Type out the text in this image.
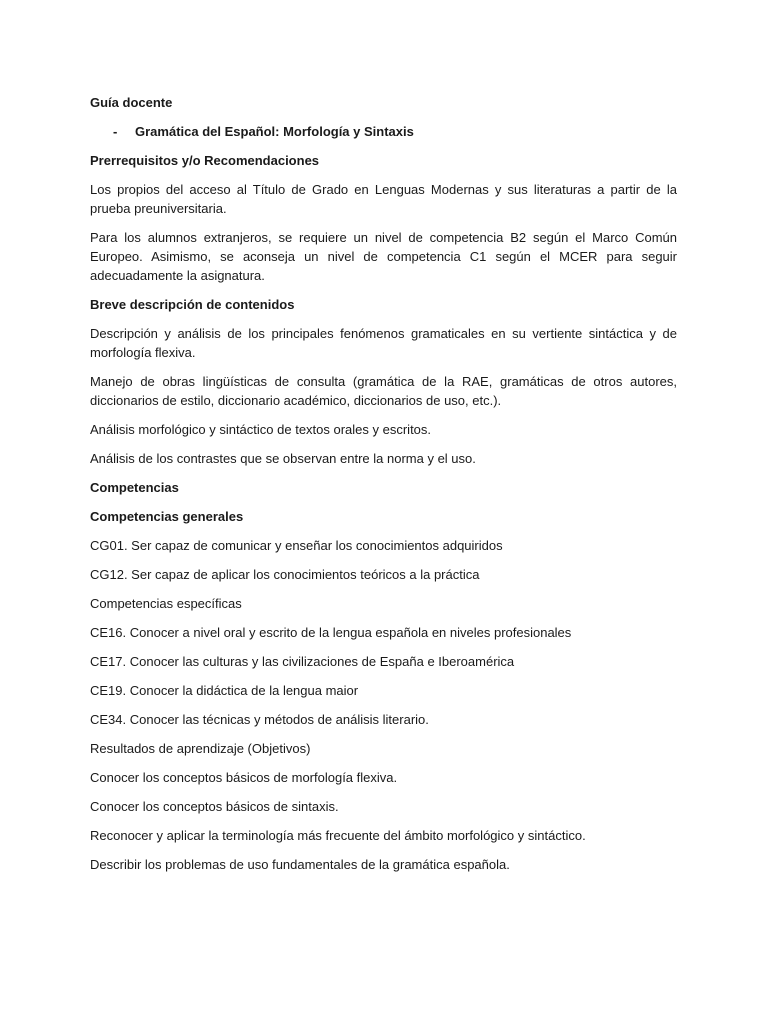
Guía docente

-	Gramática del Español: Morfología y Sintaxis

Prerrequisitos y/o Recomendaciones

Los propios del acceso al Título de Grado en Lenguas Modernas y sus literaturas a partir de la prueba preuniversitaria.

Para los alumnos extranjeros, se requiere un nivel de competencia B2 según el Marco Común Europeo. Asimismo, se aconseja un nivel de competencia C1 según el MCER para seguir adecuadamente la asignatura.

Breve descripción de contenidos

Descripción y análisis de los principales fenómenos gramaticales en su vertiente sintáctica y de morfología flexiva.

Manejo de obras lingüísticas de consulta (gramática de la RAE, gramáticas de otros autores, diccionarios de estilo, diccionario académico, diccionarios de uso, etc.).

Análisis morfológico y sintáctico de textos orales y escritos.

Análisis de los contrastes que se observan entre la norma y el uso.

Competencias

Competencias generales

CG01. Ser capaz de comunicar y enseñar los conocimientos adquiridos

CG12. Ser capaz de aplicar los conocimientos teóricos a la práctica

Competencias específicas

CE16. Conocer a nivel oral y escrito de la lengua española en niveles profesionales

CE17. Conocer las culturas y las civilizaciones de España e Iberoamérica

CE19. Conocer la didáctica de la lengua maior

CE34. Conocer las técnicas y métodos de análisis literario.

Resultados de aprendizaje (Objetivos)

Conocer los conceptos básicos de morfología flexiva.

Conocer los conceptos básicos de sintaxis.

Reconocer y aplicar la terminología más frecuente del ámbito morfológico y sintáctico.

Describir los problemas de uso fundamentales de la gramática española.
